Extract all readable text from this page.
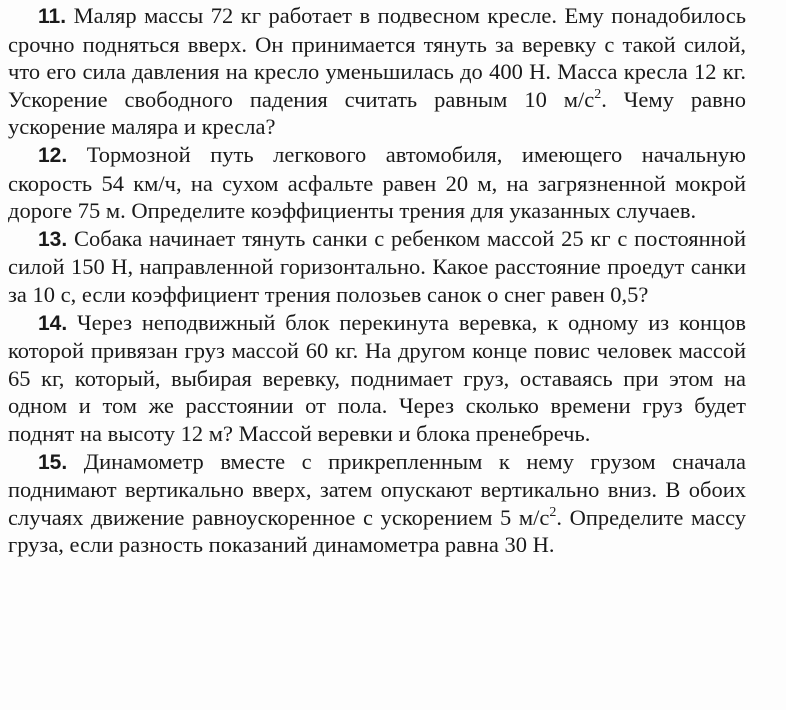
11. Маляр массы 72 кг работает в подвесном кресле. Ему понадобилось срочно подняться вверх. Он принимается тянуть за веревку с такой силой, что его сила давления на кресло уменьшилась до 400 Н. Масса кресла 12 кг. Ускорение свободного падения считать равным 10 $м/с^2$. Чему равно ускорение маляра и кресла?

12. Тормозной путь легкового автомобиля, имеющего начальную скорость 54 км/ч, на сухом асфальте равен 20 м, на загрязненной мокрой дороге 75 м. Определите коэффициенты трения для указанных случаев.

13. Собака начинает тянуть санки с ребенком массой 25 кг с постоянной силой 150 Н, направленной горизонтально. Какое расстояние проедут санки за 10 с, если коэффициент трения полозьев санок о снег равен 0,5?

14. Через неподвижный блок перекинута веревка, к одному из концов которой привязан груз массой 60 кг. На другом конце повис человек массой 65 кг, который, выбирая веревку, поднимает груз, оставаясь при этом на одном и том же расстоянии от пола. Через сколько времени груз будет поднят на высоту 12 м? Массой веревки и блока пренебречь.

15. Динамометр вместе с прикрепленным к нему грузом сначала поднимают вертикально вверх, затем опускают вертикально вниз. В обоих случаях движение равноускоренное с ускорением 5 $м/с^2$. Определите массу груза, если разность показаний динамометра равна 30 Н.
